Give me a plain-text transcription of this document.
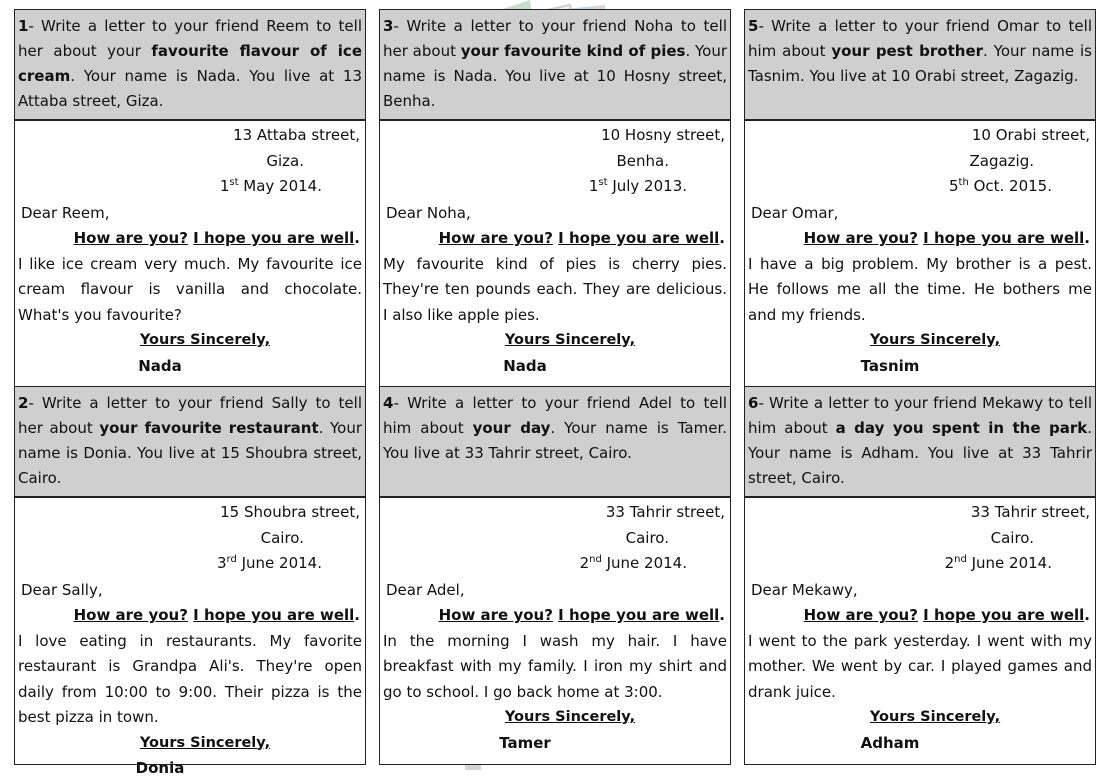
1- Write a letter to your friend Reem to tell her about your favourite flavour of ice cream. Your name is Nada. You live at 13 Attaba street, Giza.
13 Attaba street,
Giza.
1st May 2014.
Dear Reem,
How are you? I hope you are well.
I like ice cream very much. My favourite ice cream flavour is vanilla and chocolate. What's you favourite?
Yours Sincerely,
Nada
2- Write a letter to your friend Sally to tell her about your favourite restaurant. Your name is Donia. You live at 15 Shoubra street, Cairo.
15 Shoubra street,
Cairo.
3rd June 2014.
Dear Sally,
How are you? I hope you are well.
I love eating in restaurants. My favorite restaurant is Grandpa Ali's. They're open daily from 10:00 to 9:00. Their pizza is the best pizza in town.
Yours Sincerely,
Donia
3- Write a letter to your friend Noha to tell her about your favourite kind of pies. Your name is Nada. You live at 10 Hosny street, Benha.
10 Hosny street,
Benha.
1st July 2013.
Dear Noha,
How are you? I hope you are well.
My favourite kind of pies is cherry pies. They're ten pounds each. They are delicious. I also like apple pies.
Yours Sincerely,
Nada
4- Write a letter to your friend Adel to tell him about your day. Your name is Tamer. You live at 33 Tahrir street, Cairo.
33 Tahrir street,
Cairo.
2nd June 2014.
Dear Adel,
How are you? I hope you are well.
In the morning I wash my hair. I have breakfast with my family. I iron my shirt and go to school. I go back home at 3:00.
Yours Sincerely,
Tamer
5- Write a letter to your friend Omar to tell him about your pest brother. Your name is Tasnim. You live at 10 Orabi street, Zagazig.
10 Orabi street,
Zagazig.
5th Oct. 2015.
Dear Omar,
How are you? I hope you are well.
I have a big problem. My brother is a pest. He follows me all the time. He bothers me and my friends.
Yours Sincerely,
Tasnim
6- Write a letter to your friend Mekawy to tell him about a day you spent in the park. Your name is Adham. You live at 33 Tahrir street, Cairo.
33 Tahrir street,
Cairo.
2nd June 2014.
Dear Mekawy,
How are you? I hope you are well.
I went to the park yesterday. I went with my mother. We went by car. I played games and drank juice.
Yours Sincerely,
Adham
